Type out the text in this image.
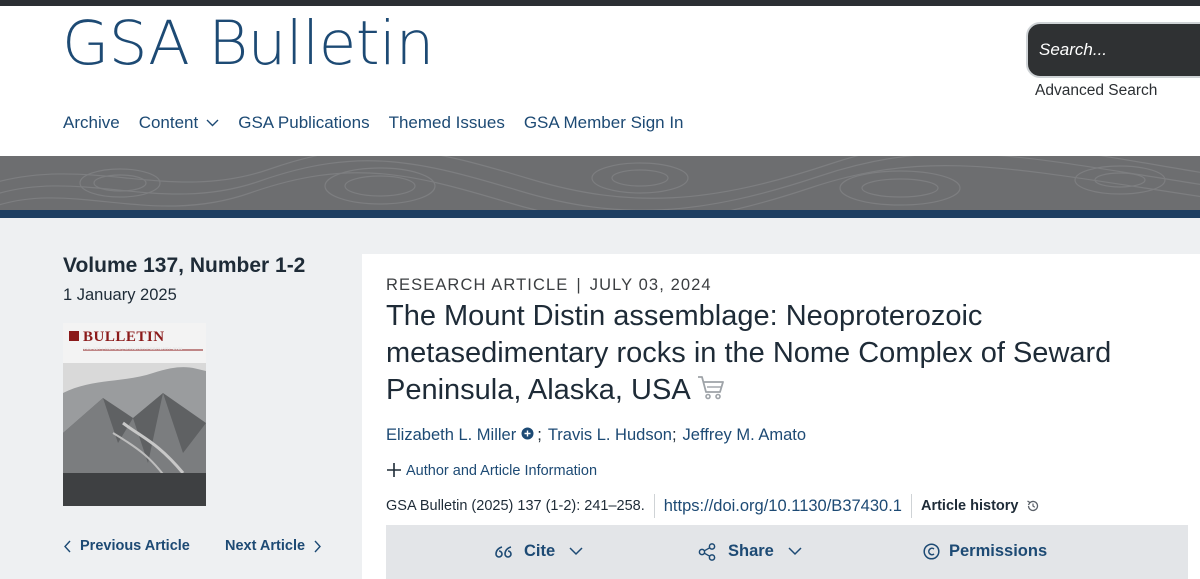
GSA Bulletin
Search...
Advanced Search
Archive Content GSA Publications Themed Issues GSA Member Sign In
Volume 137, Number 1-2
1 January 2025
BULLETIN
VOL 137 | NO. 1-2 | JANUARY/FEBRUARY 2025
Previous Article Next Article
RESEARCH ARTICLE | JULY 03, 2024
The Mount Distin assemblage: Neoproterozoic metasedimentary rocks in the Nome Complex of Seward Peninsula, Alaska, USA
Elizabeth L. Miller ; Travis L. Hudson ; Jeffrey M. Amato
Author and Article Information
GSA Bulletin (2025) 137 (1-2): 241–258. https://doi.org/10.1130/B37430.1 Article history
Cite	Share	Permissions
